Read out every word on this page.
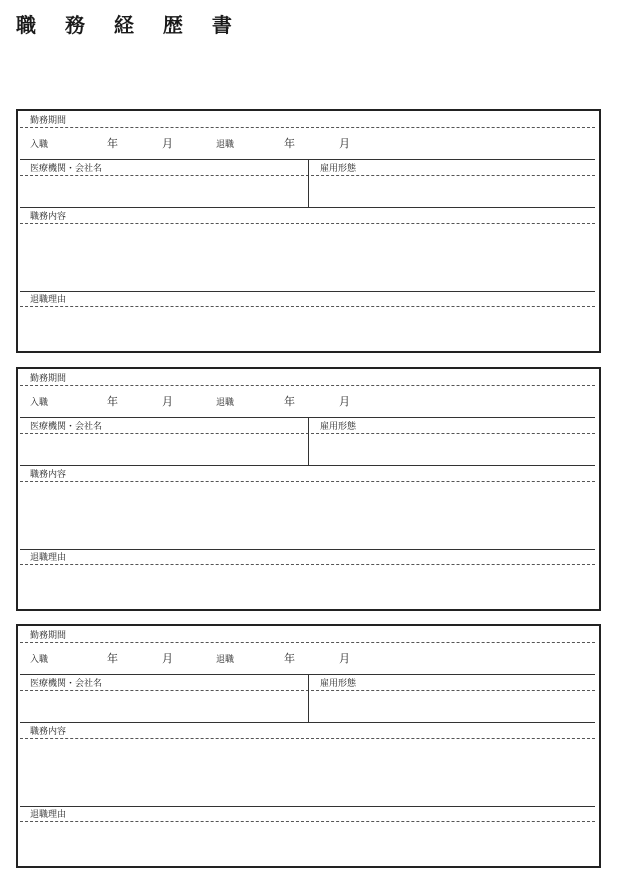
職 務 経 歴 書
勤務期間
入職	年	月	退職	年	月
医療機関・会社名	雇用形態
職務内容
退職理由
勤務期間
入職	年	月	退職	年	月
医療機関・会社名	雇用形態
職務内容
退職理由
勤務期間
入職	年	月	退職	年	月
医療機関・会社名	雇用形態
職務内容
退職理由
